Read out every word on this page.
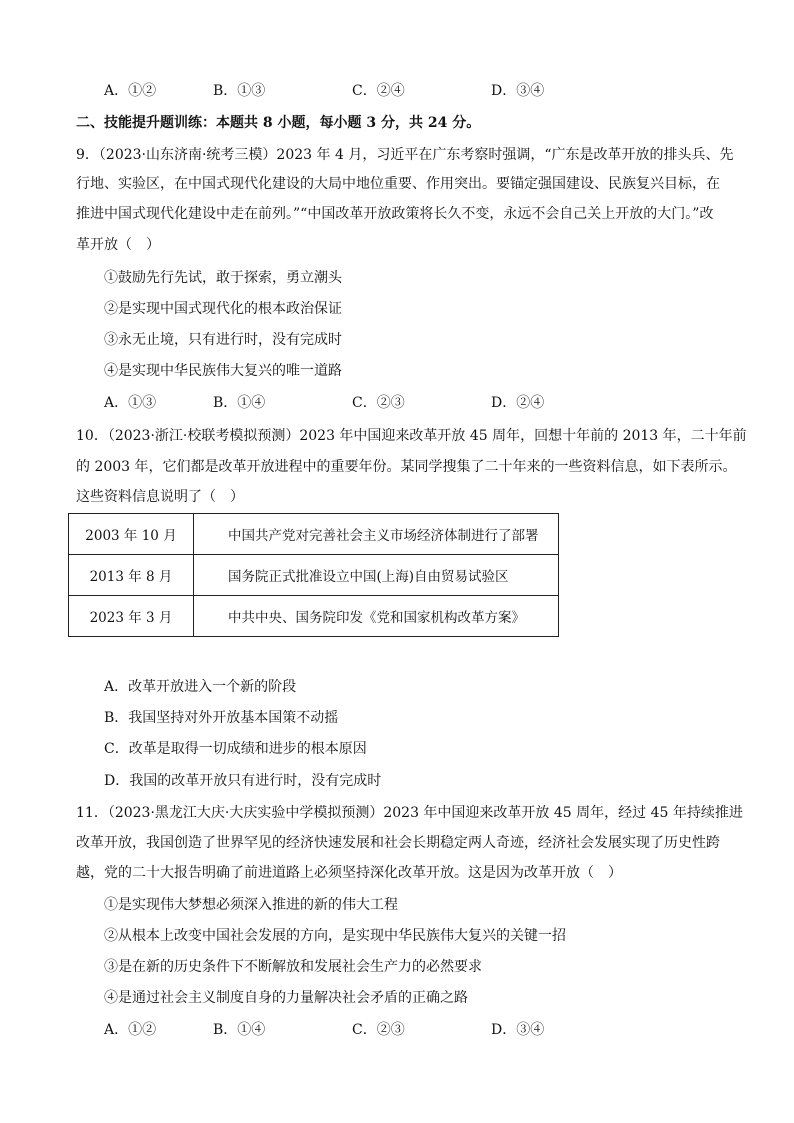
A．①②	B．①③	C．②④	D．③④
二、技能提升题训练：本题共 8 小题，每小题 3 分，共 24 分。
9．（2023·山东济南·统考三模）2023 年 4 月，习近平在广东考察时强调，“广东是改革开放的排头兵、先
行地、实验区，在中国式现代化建设的大局中地位重要、作用突出。要锚定强国建设、民族复兴目标，在
推进中国式现代化建设中走在前列。”“中国改革开放政策将长久不变，永远不会自己关上开放的大门。”改
革开放（　）
①鼓励先行先试，敢于探索，勇立潮头
②是实现中国式现代化的根本政治保证
③永无止境，只有进行时，没有完成时
④是实现中华民族伟大复兴的唯一道路
A．①③	B．①④	C．②③	D．②④
10．（2023·浙江·校联考模拟预测）2023 年中国迎来改革开放 45 周年，回想十年前的 2013 年，二十年前
的 2003 年，它们都是改革开放进程中的重要年份。某同学搜集了二十年来的一些资料信息，如下表所示。
这些资料信息说明了（　）
2003 年 10 月	中国共产党对完善社会主义市场经济体制进行了部署
2013 年 8 月	国务院正式批准设立中国(上海)自由贸易试验区
2023 年 3 月	中共中央、国务院印发《党和国家机构改革方案》
A．改革开放进入一个新的阶段
B．我国坚持对外开放基本国策不动摇
C．改革是取得一切成绩和进步的根本原因
D．我国的改革开放只有进行时，没有完成时
11．（2023·黑龙江大庆·大庆实验中学模拟预测）2023 年中国迎来改革开放 45 周年，经过 45 年持续推进
改革开放，我国创造了世界罕见的经济快速发展和社会长期稳定两人奇迹，经济社会发展实现了历史性跨
越，党的二十大报告明确了前进道路上必须坚持深化改革开放。这是因为改革开放（　）
①是实现伟大梦想必须深入推进的新的伟大工程
②从根本上改变中国社会发展的方向，是实现中华民族伟大复兴的关键一招
③是在新的历史条件下不断解放和发展社会生产力的必然要求
④是通过社会主义制度自身的力量解决社会矛盾的正确之路
A．①②	B．①④	C．②③	D．③④
